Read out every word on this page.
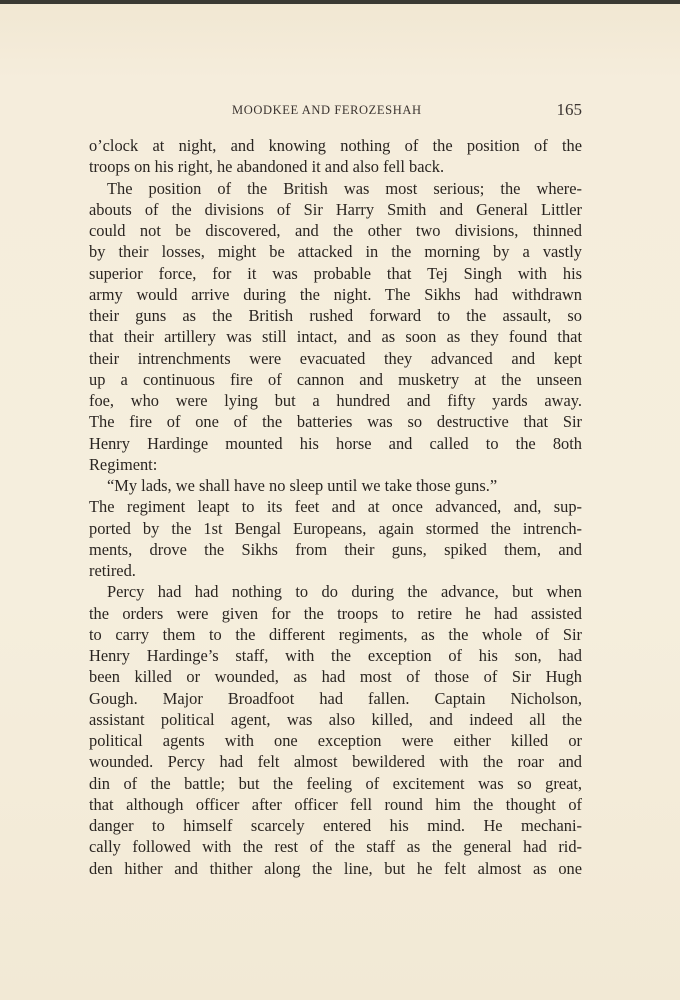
MOODKEE AND FEROZESHAH	165
o’clock at night, and knowing nothing of the position of the
troops on his right, he abandoned it and also fell back.
The position of the British was most serious; the where-
abouts of the divisions of Sir Harry Smith and General Littler
could not be discovered, and the other two divisions, thinned
by their losses, might be attacked in the morning by a vastly
superior force, for it was probable that Tej Singh with his
army would arrive during the night. The Sikhs had withdrawn
their guns as the British rushed forward to the assault, so
that their artillery was still intact, and as soon as they found that
their intrenchments were evacuated they advanced and kept
up a continuous fire of cannon and musketry at the unseen
foe, who were lying but a hundred and fifty yards away.
The fire of one of the batteries was so destructive that Sir
Henry Hardinge mounted his horse and called to the 8oth
Regiment:
“My lads, we shall have no sleep until we take those guns.”
The regiment leapt to its feet and at once advanced, and, sup-
ported by the 1st Bengal Europeans, again stormed the intrench-
ments, drove the Sikhs from their guns, spiked them, and
retired.
Percy had had nothing to do during the advance, but when
the orders were given for the troops to retire he had assisted
to carry them to the different regiments, as the whole of Sir
Henry Hardinge’s staff, with the exception of his son, had
been killed or wounded, as had most of those of Sir Hugh
Gough. Major Broadfoot had fallen. Captain Nicholson,
assistant political agent, was also killed, and indeed all the
political agents with one exception were either killed or
wounded. Percy had felt almost bewildered with the roar and
din of the battle; but the feeling of excitement was so great,
that although officer after officer fell round him the thought of
danger to himself scarcely entered his mind. He mechani-
cally followed with the rest of the staff as the general had rid-
den hither and thither along the line, but he felt almost as one
